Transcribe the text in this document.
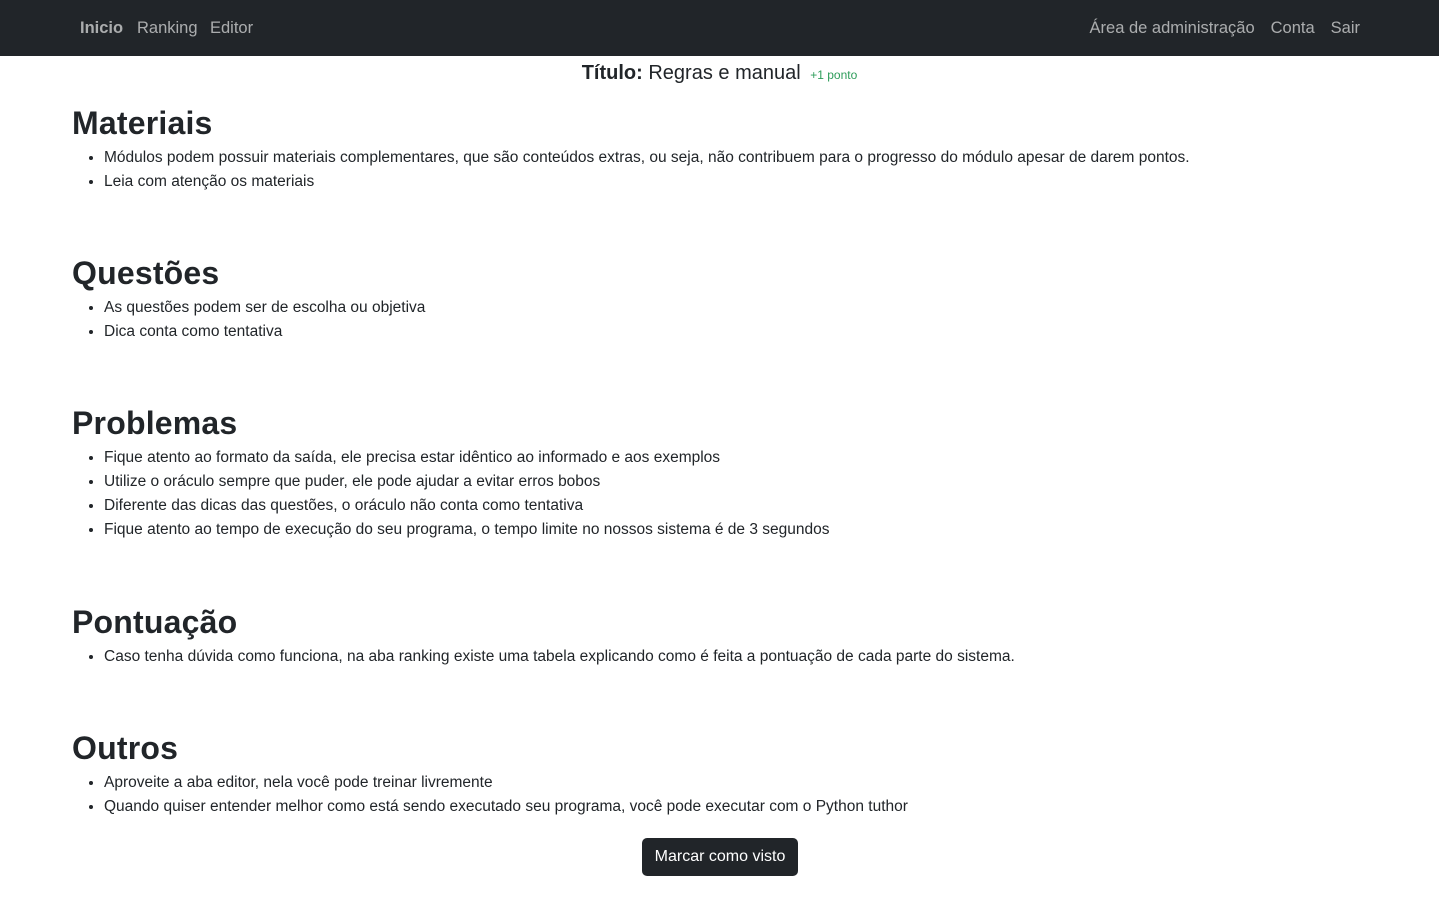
Inicio Ranking Editor	Área de administração Conta Sair
Título: Regras e manual +1 ponto
Materiais
• Módulos podem possuir materiais complementares, que são conteúdos extras, ou seja, não contribuem para o progresso do módulo apesar de darem pontos.
• Leia com atenção os materiais
Questões
• As questões podem ser de escolha ou objetiva
• Dica conta como tentativa
Problemas
• Fique atento ao formato da saída, ele precisa estar idêntico ao informado e aos exemplos
• Utilize o oráculo sempre que puder, ele pode ajudar a evitar erros bobos
• Diferente das dicas das questões, o oráculo não conta como tentativa
• Fique atento ao tempo de execução do seu programa, o tempo limite no nossos sistema é de 3 segundos
Pontuação
• Caso tenha dúvida como funciona, na aba ranking existe uma tabela explicando como é feita a pontuação de cada parte do sistema.
Outros
• Aproveite a aba editor, nela você pode treinar livremente
• Quando quiser entender melhor como está sendo executado seu programa, você pode executar com o Python tuthor
Marcar como visto
